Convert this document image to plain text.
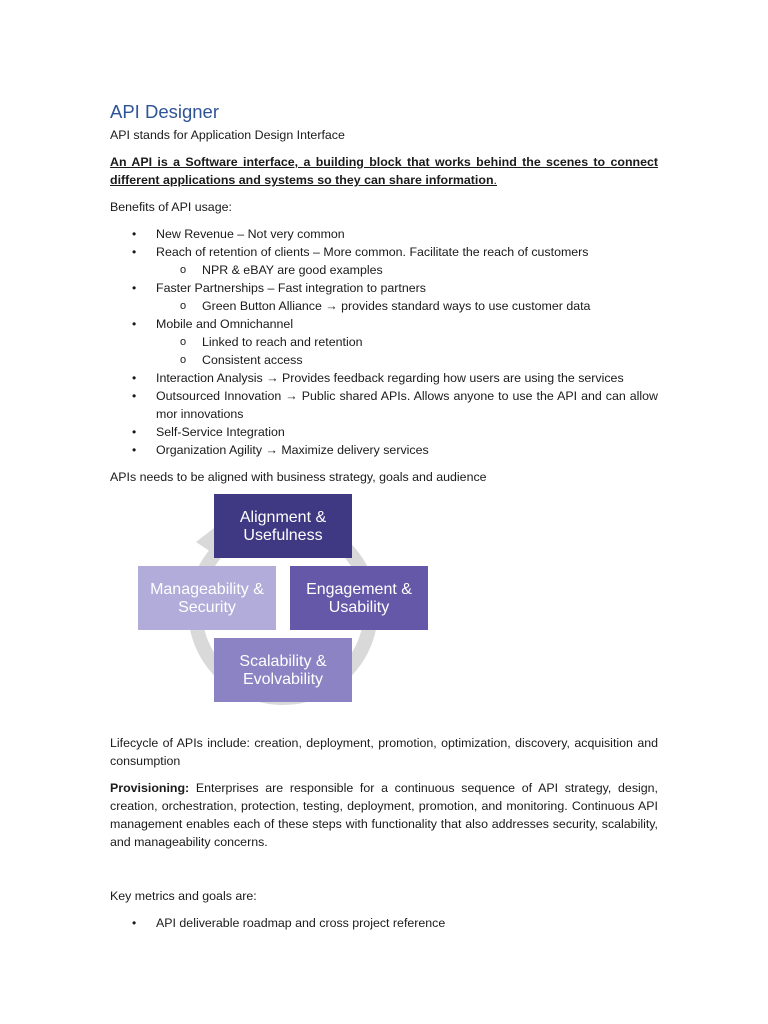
API Designer

API stands for Application Design Interface

An API is a Software interface, a building block that works behind the scenes to connect different applications and systems so they can share information.

Benefits of API usage:

• New Revenue – Not very common
• Reach of retention of clients – More common. Facilitate the reach of customers
o NPR & eBAY are good examples
• Faster Partnerships – Fast integration to partners
o Green Button Alliance → provides standard ways to use customer data
• Mobile and Omnichannel
o Linked to reach and retention
o Consistent access
• Interaction Analysis → Provides feedback regarding how users are using the services
• Outsourced Innovation → Public shared APIs. Allows anyone to use the API and can allow mor innovations
• Self-Service Integration
• Organization Agility → Maximize delivery services

APIs needs to be aligned with business strategy, goals and audience

Alignment &
Usefulness
Engagement &
Usability
Scalability &
Evolvability
Manageability &
Security

Lifecycle of APIs include: creation, deployment, promotion, optimization, discovery, acquisition and consumption

Provisioning: Enterprises are responsible for a continuous sequence of API strategy, design, creation, orchestration, protection, testing, deployment, promotion, and monitoring. Continuous API management enables each of these steps with functionality that also addresses security, scalability, and manageability concerns.

Key metrics and goals are:

• API deliverable roadmap and cross project reference
